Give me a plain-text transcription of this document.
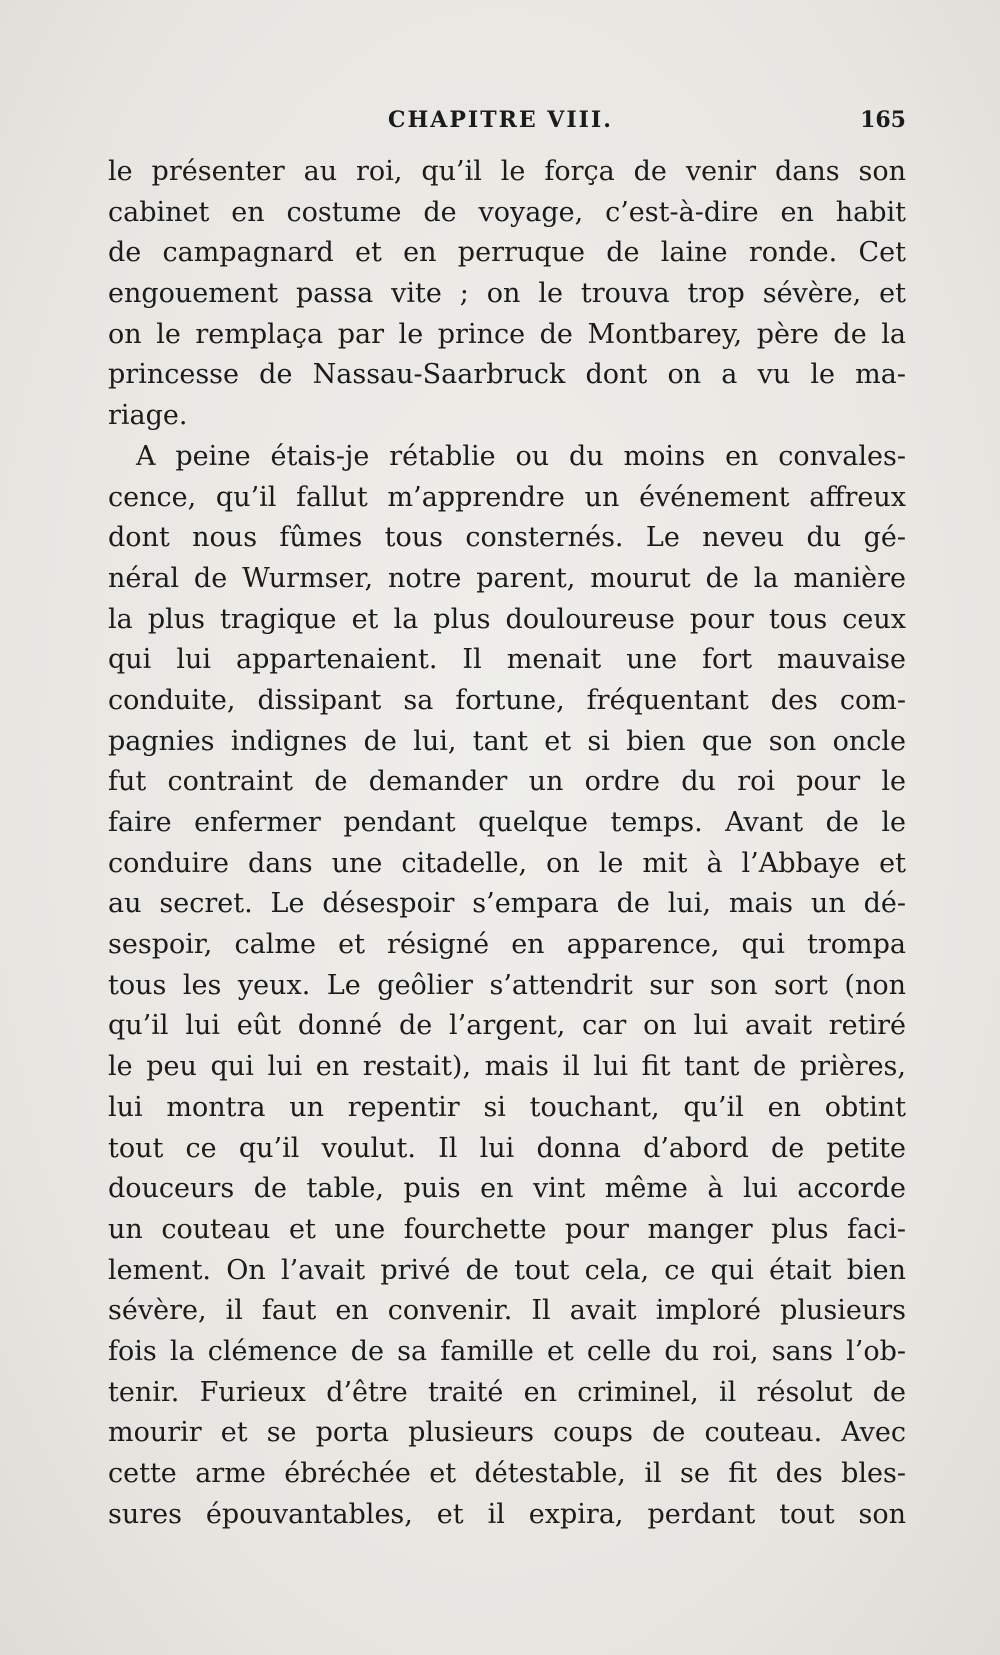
CHAPITRE VIII.	165
le présenter au roi, qu’il le força de venir dans son
cabinet en costume de voyage, c’est-à-dire en habit
de campagnard et en perruque de laine ronde. Cet
engouement passa vite ; on le trouva trop sévère, et
on le remplaça par le prince de Montbarey, père de la
princesse de Nassau-Saarbruck dont on a vu le ma-
riage.
A peine étais-je rétablie ou du moins en convales-
cence, qu’il fallut m’apprendre un événement affreux
dont nous fûmes tous consternés. Le neveu du gé-
néral de Wurmser, notre parent, mourut de la manière
la plus tragique et la plus douloureuse pour tous ceux
qui lui appartenaient. Il menait une fort mauvaise
conduite, dissipant sa fortune, fréquentant des com-
pagnies indignes de lui, tant et si bien que son oncle
fut contraint de demander un ordre du roi pour le
faire enfermer pendant quelque temps. Avant de le
conduire dans une citadelle, on le mit à l’Abbaye et
au secret. Le désespoir s’empara de lui, mais un dé-
sespoir, calme et résigné en apparence, qui trompa
tous les yeux. Le geôlier s’attendrit sur son sort (non
qu’il lui eût donné de l’argent, car on lui avait retiré
le peu qui lui en restait), mais il lui fit tant de prières,
lui montra un repentir si touchant, qu’il en obtint
tout ce qu’il voulut. Il lui donna d’abord de petite
douceurs de table, puis en vint même à lui accorde
un couteau et une fourchette pour manger plus faci-
lement. On l’avait privé de tout cela, ce qui était bien
sévère, il faut en convenir. Il avait imploré plusieurs
fois la clémence de sa famille et celle du roi, sans l’ob-
tenir. Furieux d’être traité en criminel, il résolut de
mourir et se porta plusieurs coups de couteau. Avec
cette arme ébréchée et détestable, il se fit des bles-
sures épouvantables, et il expira, perdant tout son
